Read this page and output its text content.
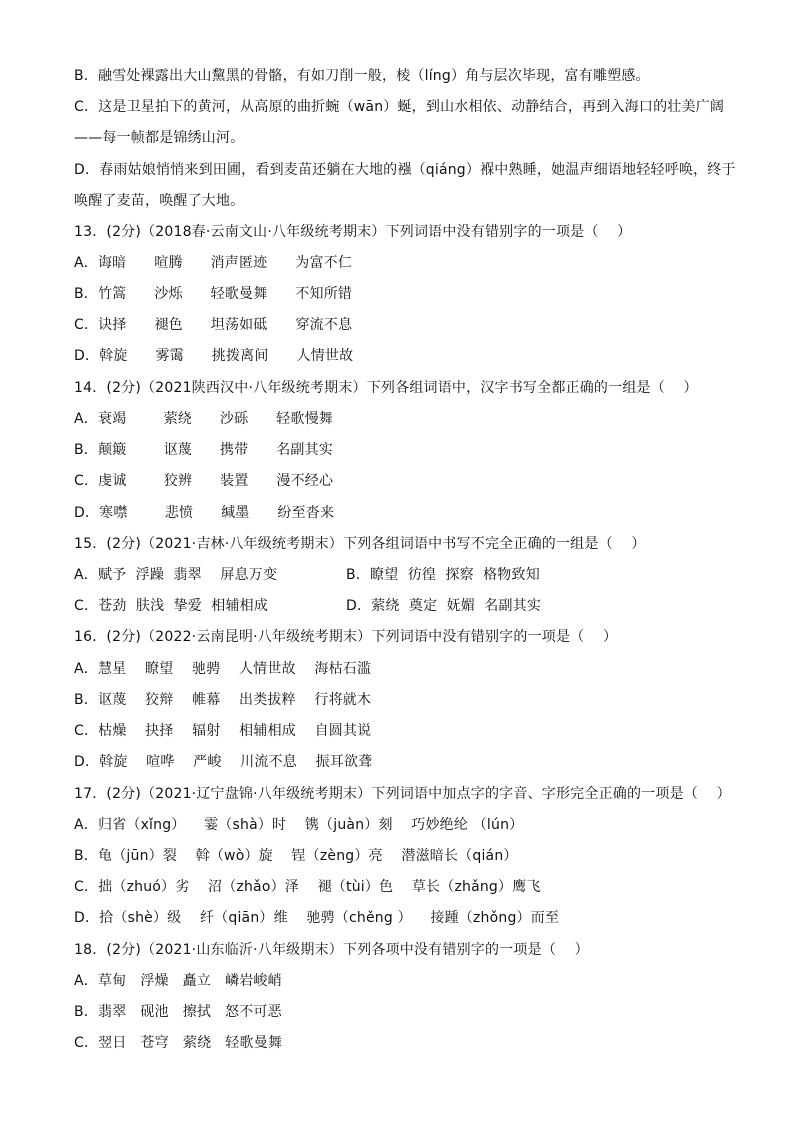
B．融雪处裸露出大山黧黑的骨骼，有如刀削一般，棱（líng）角与层次毕现，富有雕塑感。
C．这是卫星拍下的黄河，从高原的曲折蜿（wān）蜒，到山水相依、动静结合，再到入海口的壮美广阔
——每一帧都是锦绣山河。
D．春雨姑娘悄悄来到田圃，看到麦苗还躺在大地的襁（qiáng）褓中熟睡，她温声细语地轻轻呼唤，终于
唤醒了麦苗，唤醒了大地。
13．(2分)（2018春·云南文山·八年级统考期末）下列词语中没有错别字的一项是（    ）
A．诲暗      喧腾      消声匿迹      为富不仁
B．竹篙      沙烁      轻歌曼舞      不知所错
C．诀择      褪色      坦荡如砥      穿流不息
D．斡旋      雾霭      挑拨离间      人情世故
14．(2分)（2021陕西汉中·八年级统考期末）下列各组词语中，汉字书写全都正确的一组是（    ）
A．衰竭        萦绕      沙砾      轻歌慢舞
B．颠簸        讴蔑      携带      名副其实
C．虔诚        狡辨      装置      漫不经心
D．寒噤        悲愤      缄墨      纷至沓来
15．(2分)（2021·吉林·八年级统考期末）下列各组词语中书写不完全正确的一组是（    ）
A．赋予  浮躁  翡翠    屏息万变	B．瞭望  彷徨  探察  格物致知
C．苍劲  肤浅  挚爱  相辅相成	D．萦绕  奠定  妩媚  名副其实
16．(2分)（2022·云南昆明·八年级统考期末）下列词语中没有错别字的一项是（    ）
A．慧星    瞭望    驰骋    人情世故    海枯石滥
B．讴蔑    狡辩    帷幕    出类拔粹    行将就木
C．枯燥    抉择    辐射    相辅相成    自圆其说
D．斡旋    喧哗    严峻    川流不息    振耳欲聋
17．(2分)（2021·辽宁盘锦·八年级统考期末）下列词语中加点字的字音、字形完全正确的一项是（    ）
A．归省（xǐng）    霎（shà）时    镌（juàn）刻    巧妙绝纶 （lún）
B．龟（jūn）裂    斡（wò）旋    锃（zèng）亮    潜滋暗长（qián）
C．拙（zhuó）劣    沼（zhǎo）泽    褪（tùi）色    草长（zhǎng）鹰飞
D．拾（shè）级    纤（qiān）维    驰骋（chěng ）    接踵（zhǒng）而至
18．(2分)（2021·山东临沂·八年级期末）下列各项中没有错别字的一项是（    ）
A．草甸   浮燥   矗立   嶙岩峻峭
B．翡翠   砚池   擦拭   怒不可恶
C．翌日   苍穹   萦绕   轻歌曼舞
